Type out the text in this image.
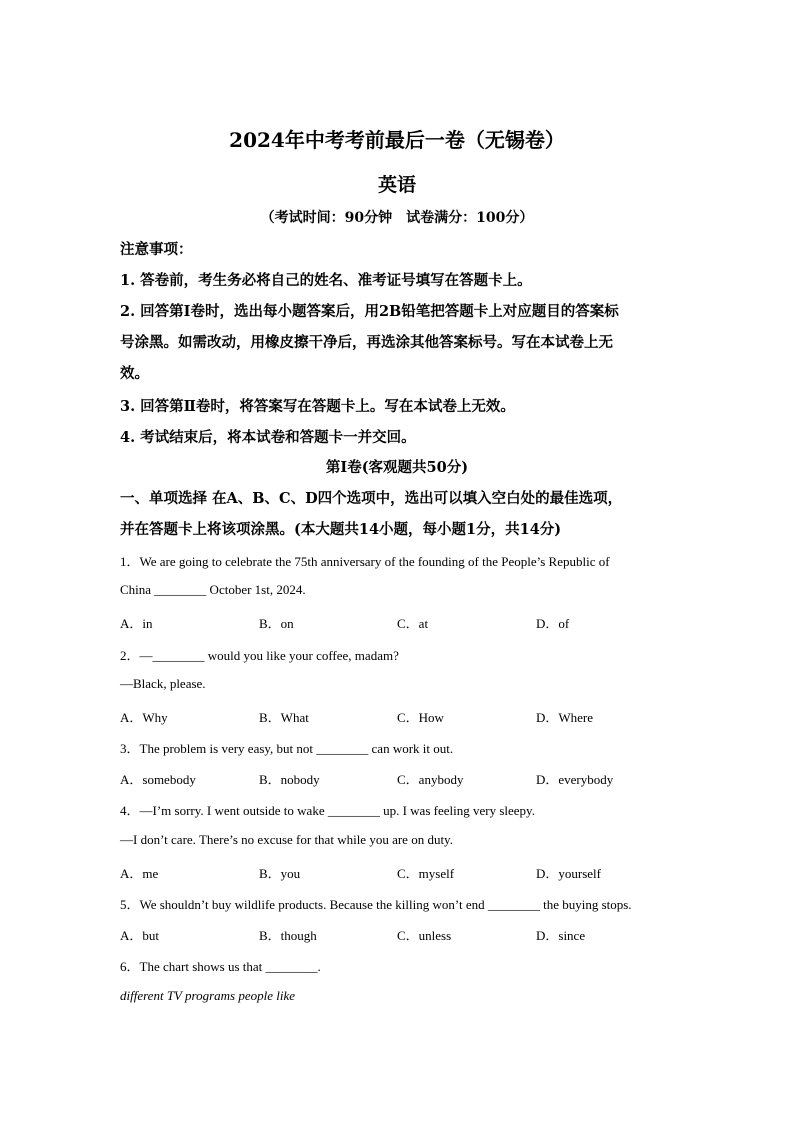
2024年中考考前最后一卷（无锡卷）
英语
（考试时间：90分钟　试卷满分：100分）
注意事项：
1. 答卷前，考生务必将自己的姓名、准考证号填写在答题卡上。
2. 回答第Ⅰ卷时，选出每小题答案后，用2B铅笔把答题卡上对应题目的答案标
号涂黑。如需改动，用橡皮擦干净后，再选涂其他答案标号。写在本试卷上无
效。
3. 回答第Ⅱ卷时，将答案写在答题卡上。写在本试卷上无效。
4. 考试结束后，将本试卷和答题卡一并交回。
第Ⅰ卷(客观题共50分)
一、单项选择 在A、B、C、D四个选项中，选出可以填入空白处的最佳选项，
并在答题卡上将该项涂黑。(本大题共14小题，每小题1分，共14分)
1．We are going to celebrate the 75th anniversary of the founding of the People’s Republic of
China ________ October 1st, 2024.
A．in	B．on	C．at	D．of
2．—________ would you like your coffee, madam?
—Black, please.
A．Why	B．What	C．How	D．Where
3．The problem is very easy, but not ________ can work it out.
A．somebody	B．nobody	C．anybody	D．everybody
4．—I’m sorry. I went outside to wake ________ up. I was feeling very sleepy.
—I don’t care. There’s no excuse for that while you are on duty.
A．me	B．you	C．myself	D．yourself
5．We shouldn’t buy wildlife products. Because the killing won’t end ________ the buying stops.
A．but	B．though	C．unless	D．since
6．The chart shows us that ________.
different TV programs people like
